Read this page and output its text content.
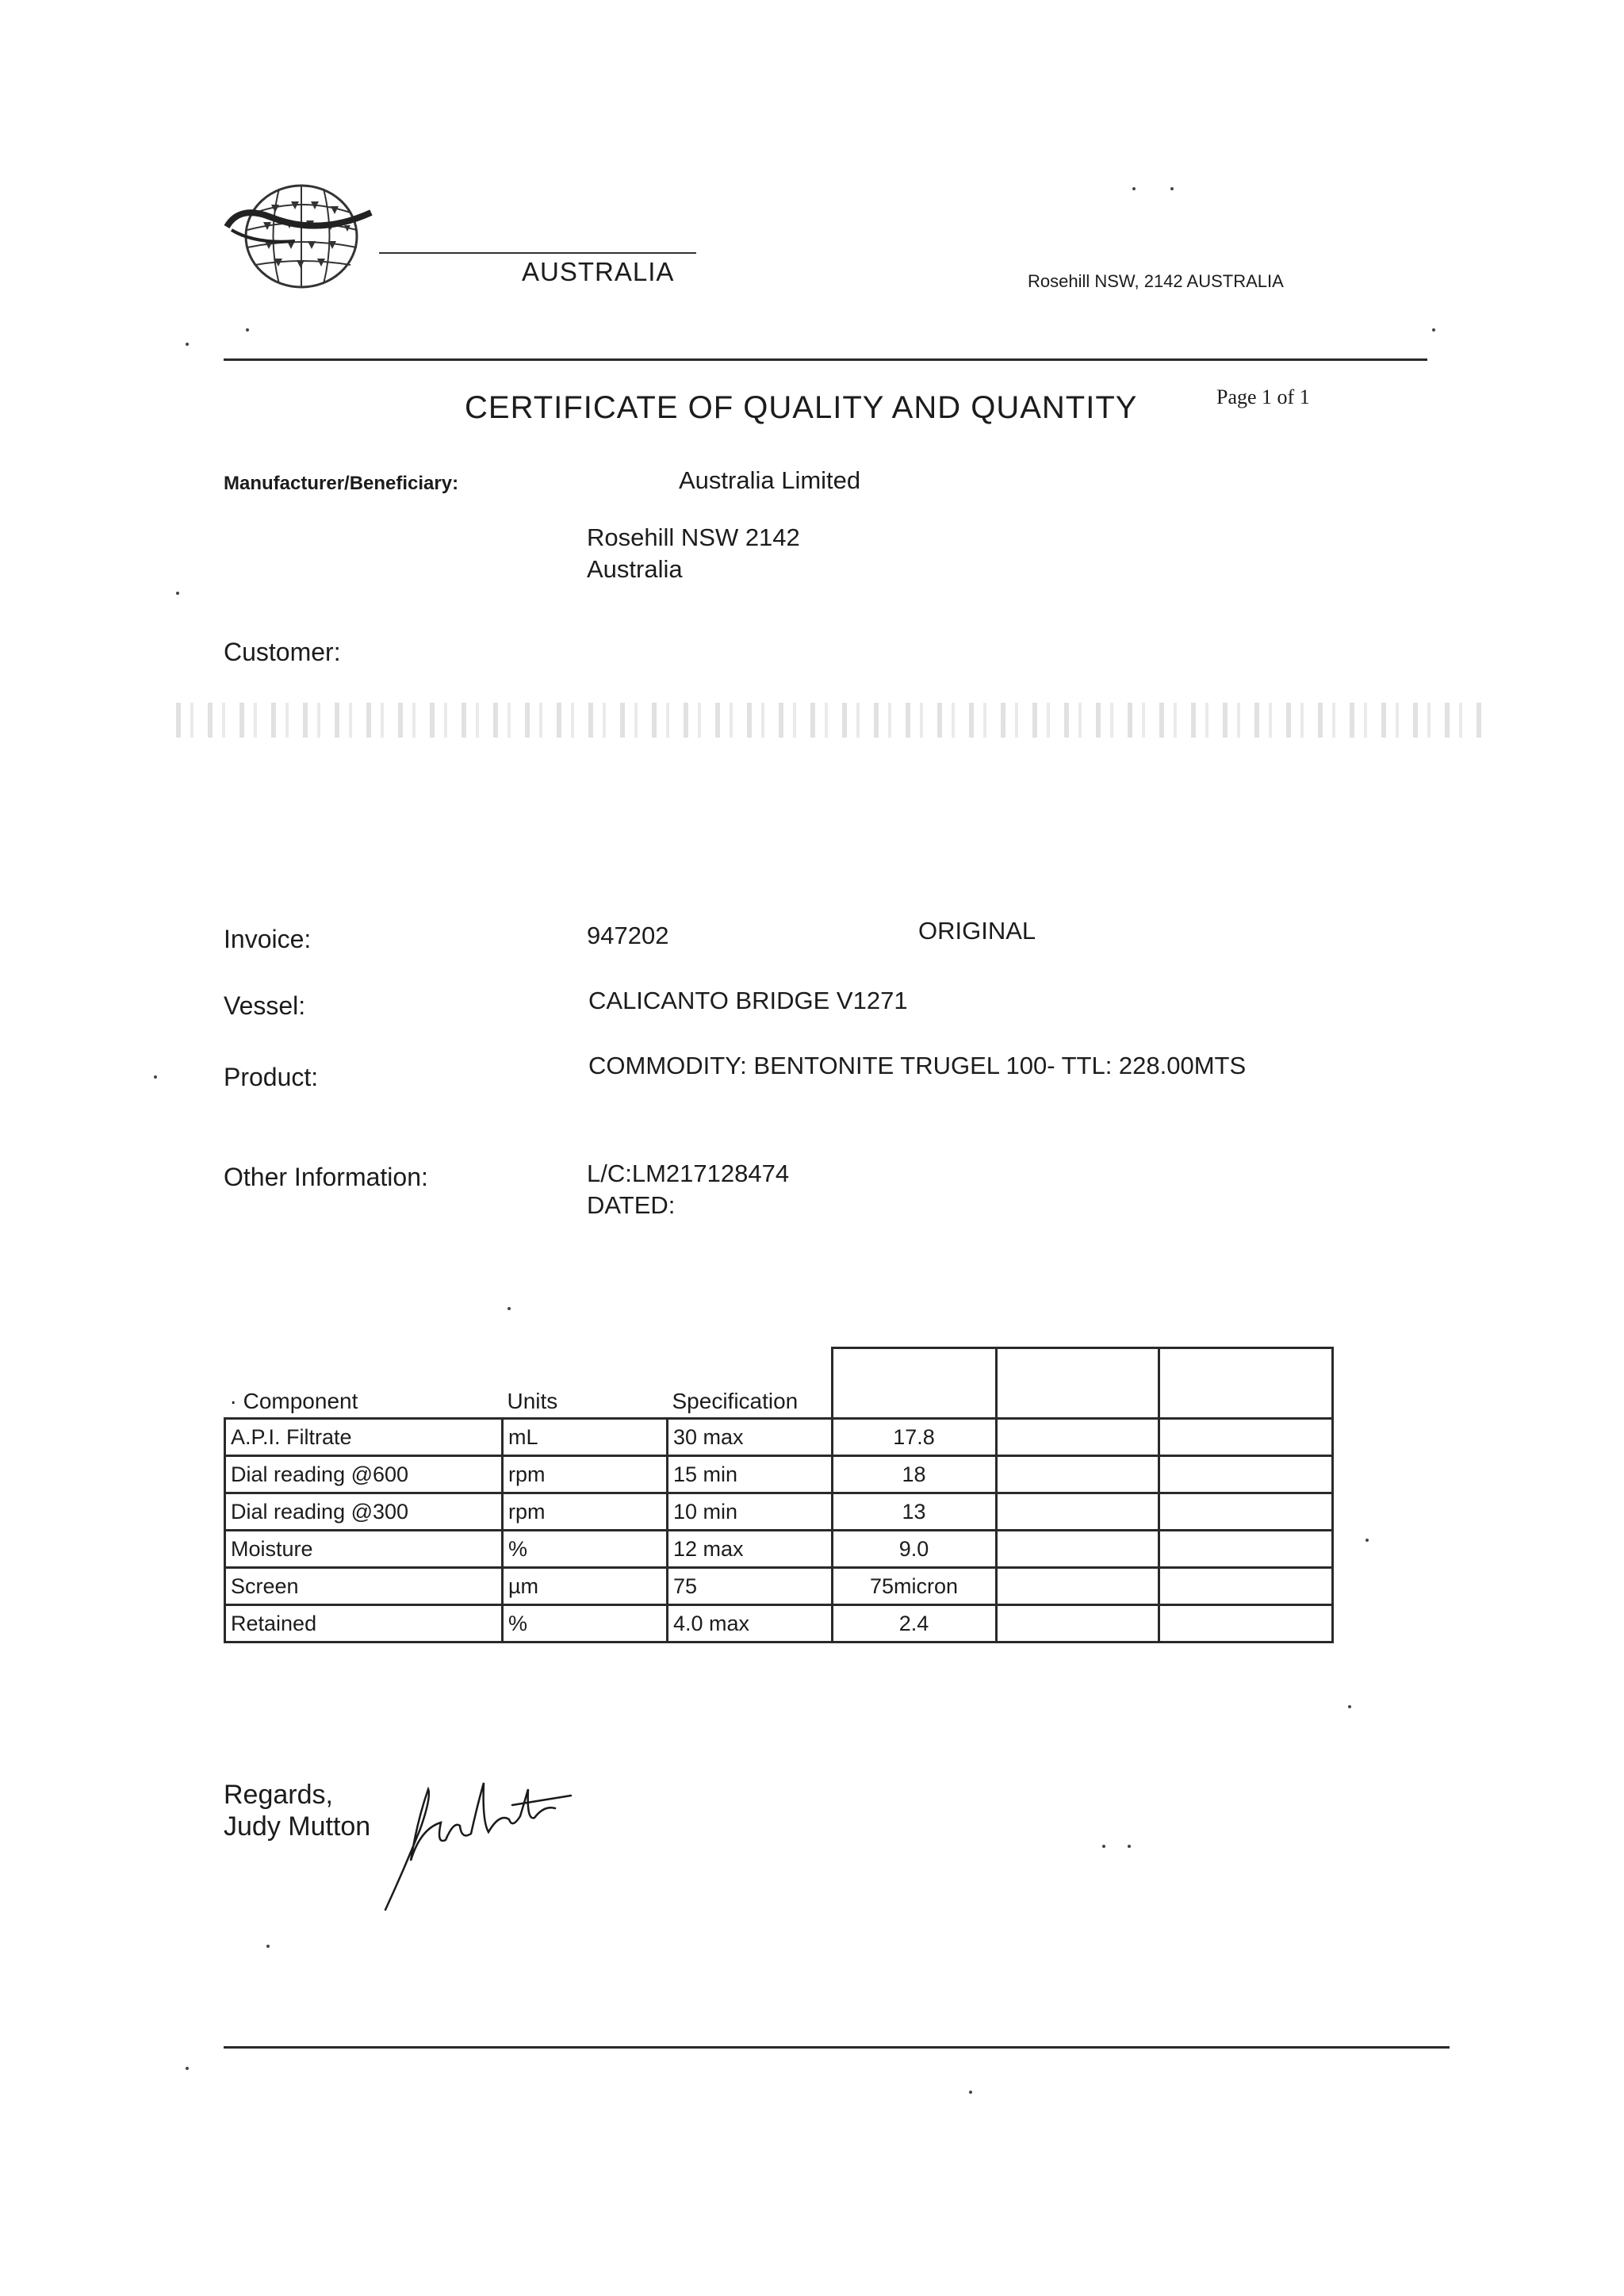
AUSTRALIA	Rosehill NSW, 2142 AUSTRALIA
CERTIFICATE OF QUALITY AND QUANTITY	Page 1 of 1
Manufacturer/Beneficiary:	Australia Limited
Rosehill NSW 2142
Australia
Customer:
Invoice:	947202	ORIGINAL
Vessel:	CALICANTO BRIDGE V1271
Product:	COMMODITY: BENTONITE TRUGEL 100- TTL: 228.00MTS
Other Information:	L/C:LM217128474
DATED:
· Component	Units	Specification			
A.P.I. Filtrate	mL	30 max	17.8		
Dial reading @600	rpm	15 min	18		
Dial reading @300	rpm	10 min	13		
Moisture	%	12 max	9.0		
Screen	µm	75	75micron		
Retained	%	4.0 max	2.4		
Regards,
Judy Mutton
